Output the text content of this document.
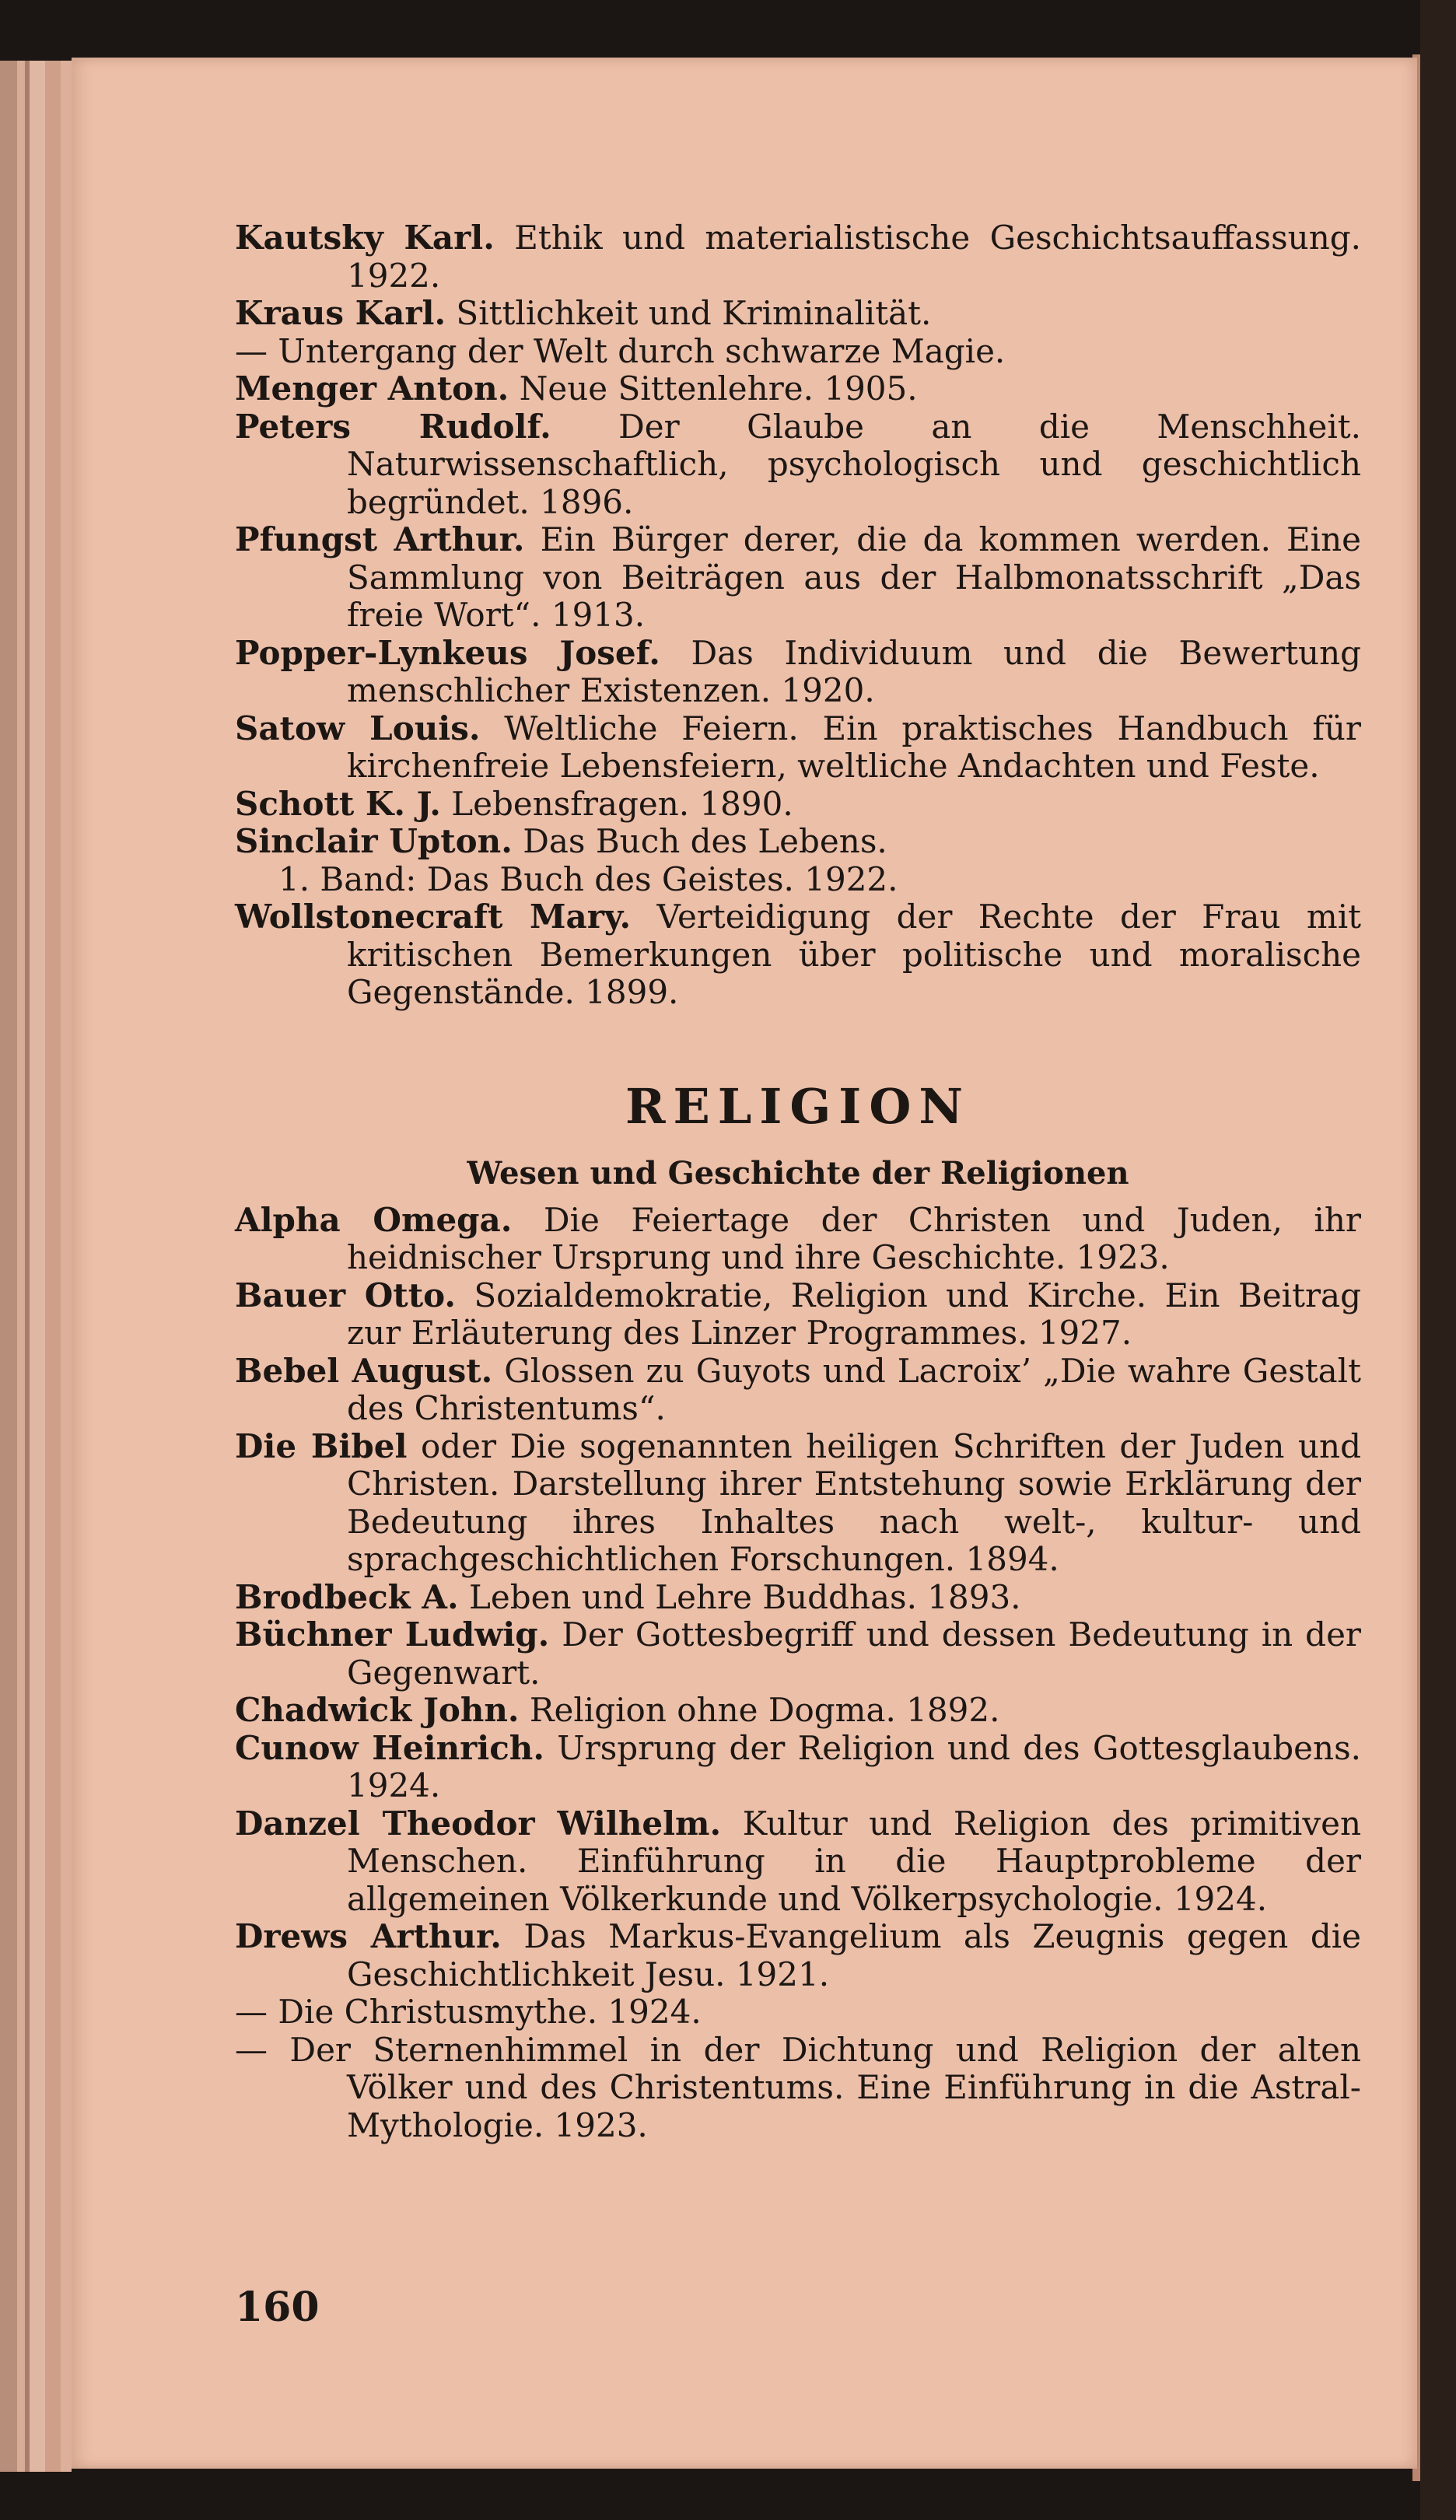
Kautsky Karl. Ethik und materialistische Geschichtsauffassung. 1922.
Kraus Karl. Sittlichkeit und Kriminalität.
— Untergang der Welt durch schwarze Magie.
Menger Anton. Neue Sittenlehre. 1905.
Peters Rudolf. Der Glaube an die Menschheit. Naturwissenschaftlich, psychologisch und geschichtlich begründet. 1896.
Pfungst Arthur. Ein Bürger derer, die da kommen werden. Eine Sammlung von Beiträgen aus der Halbmonatsschrift „Das freie Wort“. 1913.
Popper-Lynkeus Josef. Das Individuum und die Bewertung menschlicher Existenzen. 1920.
Satow Louis. Weltliche Feiern. Ein praktisches Handbuch für kirchenfreie Lebensfeiern, weltliche Andachten und Feste.
Schott K. J. Lebensfragen. 1890.
Sinclair Upton. Das Buch des Lebens.
1. Band: Das Buch des Geistes. 1922.
Wollstonecraft Mary. Verteidigung der Rechte der Frau mit kritischen Bemerkungen über politische und moralische Gegenstände. 1899.
RELIGION
Wesen und Geschichte der Religionen
Alpha Omega. Die Feiertage der Christen und Juden, ihr heidnischer Ursprung und ihre Geschichte. 1923.
Bauer Otto. Sozialdemokratie, Religion und Kirche. Ein Beitrag zur Erläuterung des Linzer Programmes. 1927.
Bebel August. Glossen zu Guyots und Lacroix’ „Die wahre Gestalt des Christentums“.
Die Bibel oder Die sogenannten heiligen Schriften der Juden und Christen. Darstellung ihrer Entstehung sowie Erklärung der Bedeutung ihres Inhaltes nach welt-, kultur- und sprachgeschichtlichen Forschungen. 1894.
Brodbeck A. Leben und Lehre Buddhas. 1893.
Büchner Ludwig. Der Gottesbegriff und dessen Bedeutung in der Gegenwart.
Chadwick John. Religion ohne Dogma. 1892.
Cunow Heinrich. Ursprung der Religion und des Gottesglaubens. 1924.
Danzel Theodor Wilhelm. Kultur und Religion des primitiven Menschen. Einführung in die Hauptprobleme der allgemeinen Völkerkunde und Völkerpsychologie. 1924.
Drews Arthur. Das Markus-Evangelium als Zeugnis gegen die Geschichtlichkeit Jesu. 1921.
— Die Christusmythe. 1924.
— Der Sternenhimmel in der Dichtung und Religion der alten Völker und des Christentums. Eine Einführung in die Astral-Mythologie. 1923.
160
